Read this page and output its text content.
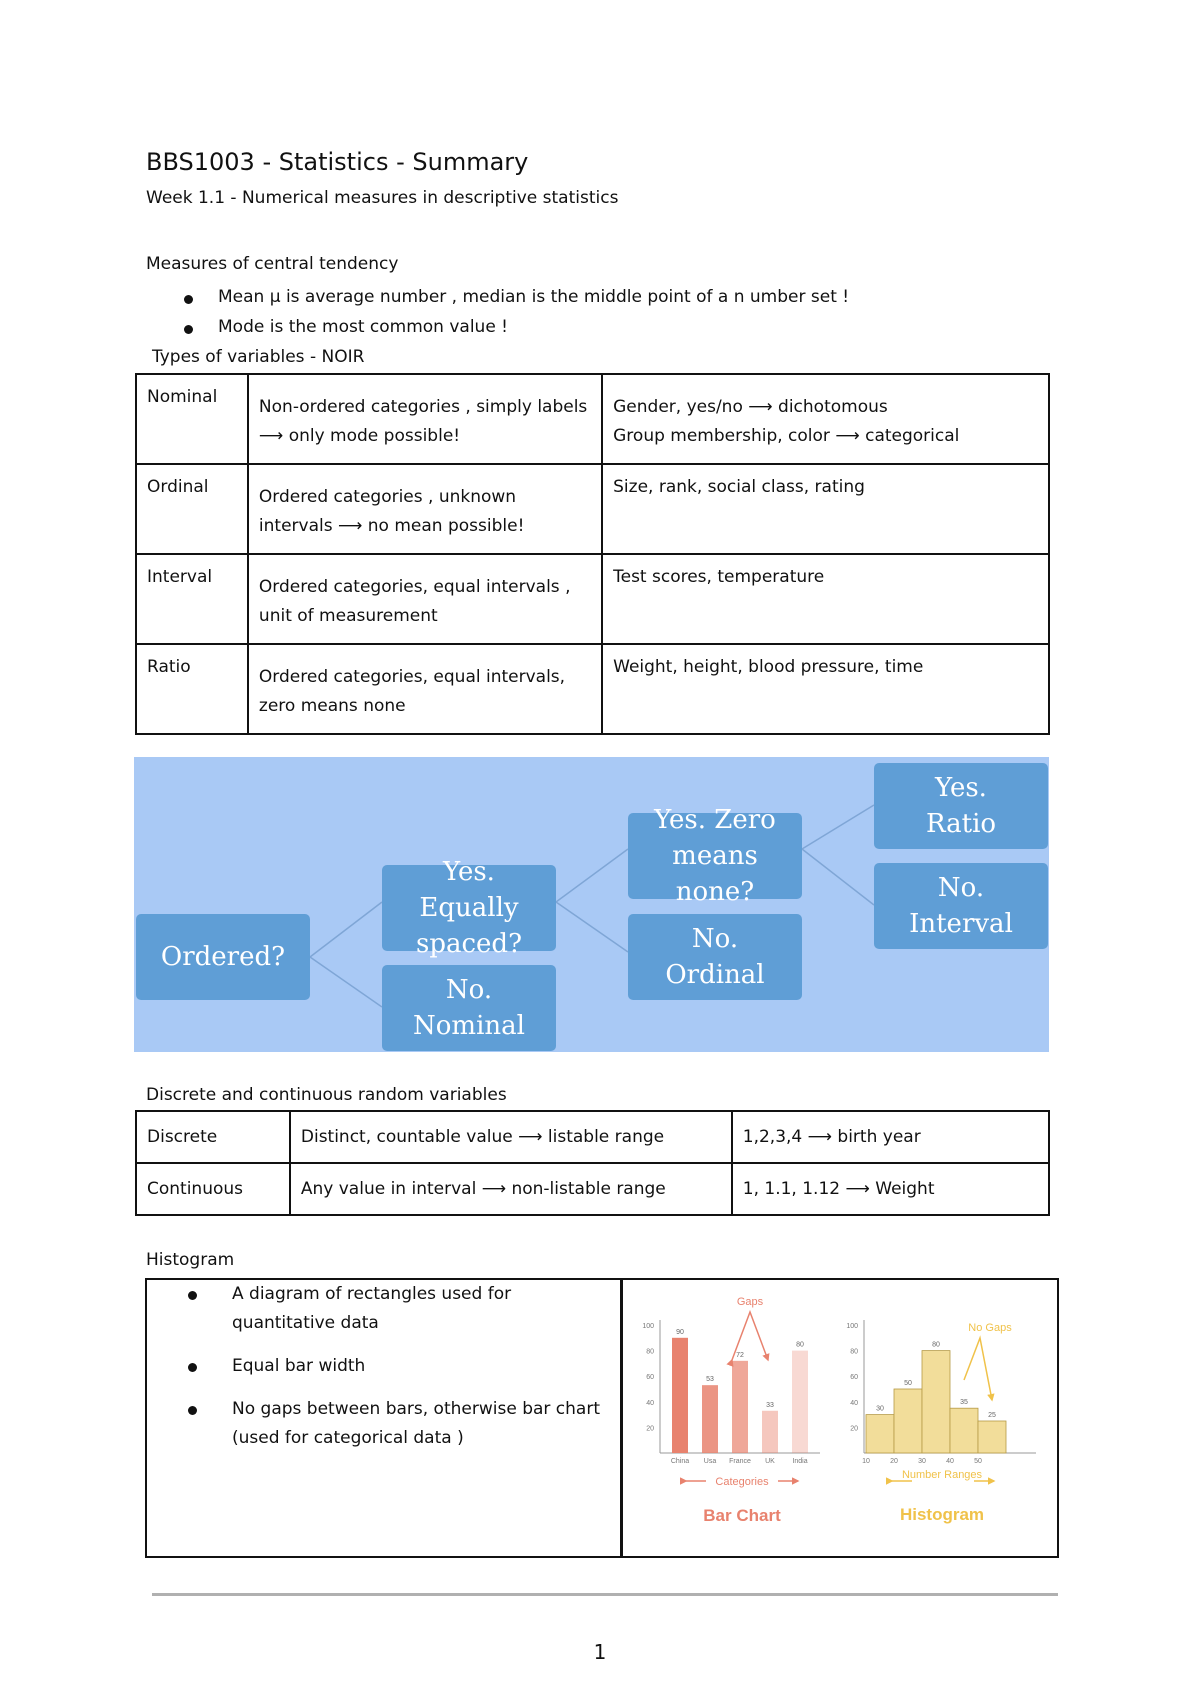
BBS1003 - Statistics - Summary
Week 1.1 - Numerical measures in descriptive statistics
Measures of central tendency
Mean μ is average number , median is the middle point of a n umber set !
Mode is the most common value !
Types of variables - NOIR
Nominal	Non-ordered categories , simply labels ⟶ only mode possible!	Gender, yes/no ⟶ dichotomous
Group membership, color ⟶ categorical

Ordinal	Ordered categories , unknown intervals ⟶ no mean possible!	Size, rank, social class, rating
Interval	Ordered categories, equal intervals , unit of measurement	Test scores, temperature
Ratio	Ordered categories, equal intervals, zero means none	Weight, height, blood pressure, time
Ordered?
Yes. Equally spaced?
No. Nominal
Yes. Zero means none?
No. Ordinal
Yes. Ratio
No. Interval
Discrete and continuous random variables
Discrete	Distinct, countable value ⟶ listable range	1,2,3,4 ⟶ birth year
Continuous	Any value in interval ⟶ non-listable range	1, 1.1, 1.12 ⟶ Weight
Histogram
A diagram of rectangles used for quantitative data
Equal bar width
No gaps between bars, otherwise bar chart (used for categorical data )
100
80
60
40
20
90
53
72
33
80
China Usa France UK	India
Gaps
Categories
Bar Chart
100
80
60
40
20
30
50
80
35
25
10	20	30	40	50
No Gaps
Number Ranges
Histogram
1
